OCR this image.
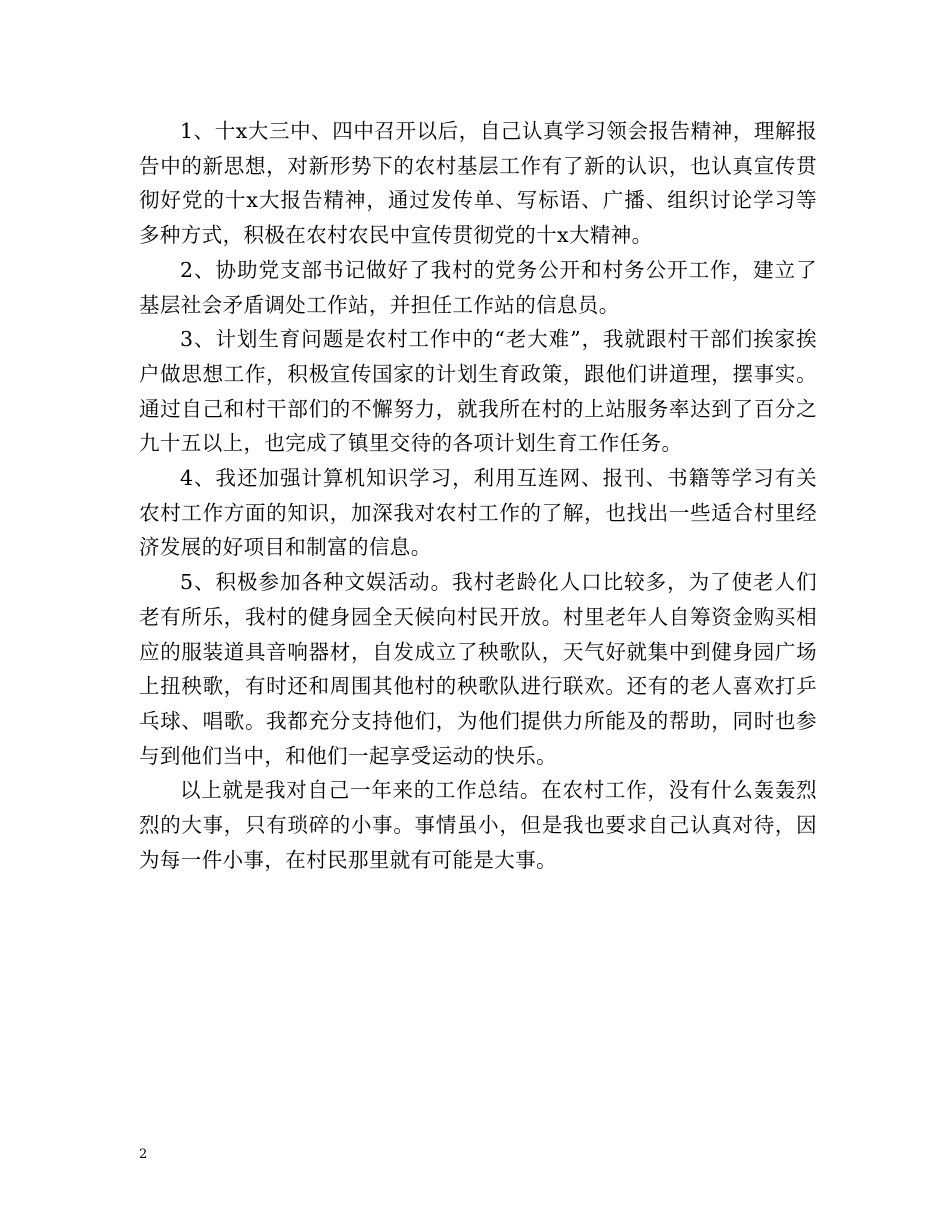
1、十x大三中、四中召开以后，自己认真学习领会报告精神，理解报告中的新思想，对新形势下的农村基层工作有了新的认识，也认真宣传贯彻好党的十x大报告精神，通过发传单、写标语、广播、组织讨论学习等多种方式，积极在农村农民中宣传贯彻党的十x大精神。

2、协助党支部书记做好了我村的党务公开和村务公开工作，建立了基层社会矛盾调处工作站，并担任工作站的信息员。

3、计划生育问题是农村工作中的“老大难”，我就跟村干部们挨家挨户做思想工作，积极宣传国家的计划生育政策，跟他们讲道理，摆事实。通过自己和村干部们的不懈努力，就我所在村的上站服务率达到了百分之九十五以上，也完成了镇里交待的各项计划生育工作任务。

4、我还加强计算机知识学习，利用互连网、报刊、书籍等学习有关农村工作方面的知识，加深我对农村工作的了解，也找出一些适合村里经济发展的好项目和制富的信息。

5、积极参加各种文娱活动。我村老龄化人口比较多，为了使老人们老有所乐，我村的健身园全天候向村民开放。村里老年人自筹资金购买相应的服装道具音响器材，自发成立了秧歌队，天气好就集中到健身园广场上扭秧歌，有时还和周围其他村的秧歌队进行联欢。还有的老人喜欢打乒乓球、唱歌。我都充分支持他们，为他们提供力所能及的帮助，同时也参与到他们当中，和他们一起享受运动的快乐。

以上就是我对自己一年来的工作总结。在农村工作，没有什么轰轰烈烈的大事，只有琐碎的小事。事情虽小，但是我也要求自己认真对待，因为每一件小事，在村民那里就有可能是大事。

2
